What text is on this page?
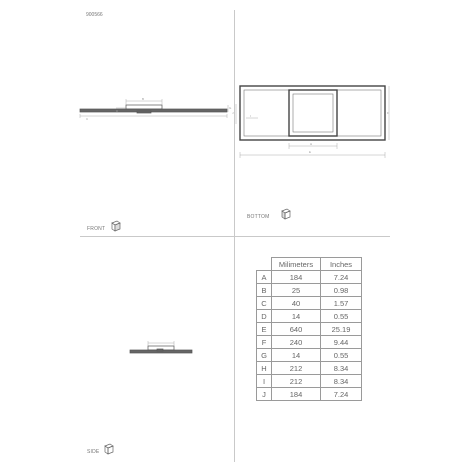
900566
B
D
C
G
FRONT
E
H
F
J
I
BOTTOM
SIDE
	Milimeters	Inches
A	184	7.24
B	25	0.98
C	40	1.57
D	14	0.55
E	640	25.19
F	240	9.44
G	14	0.55
H	212	8.34
I	212	8.34
J	184	7.24
